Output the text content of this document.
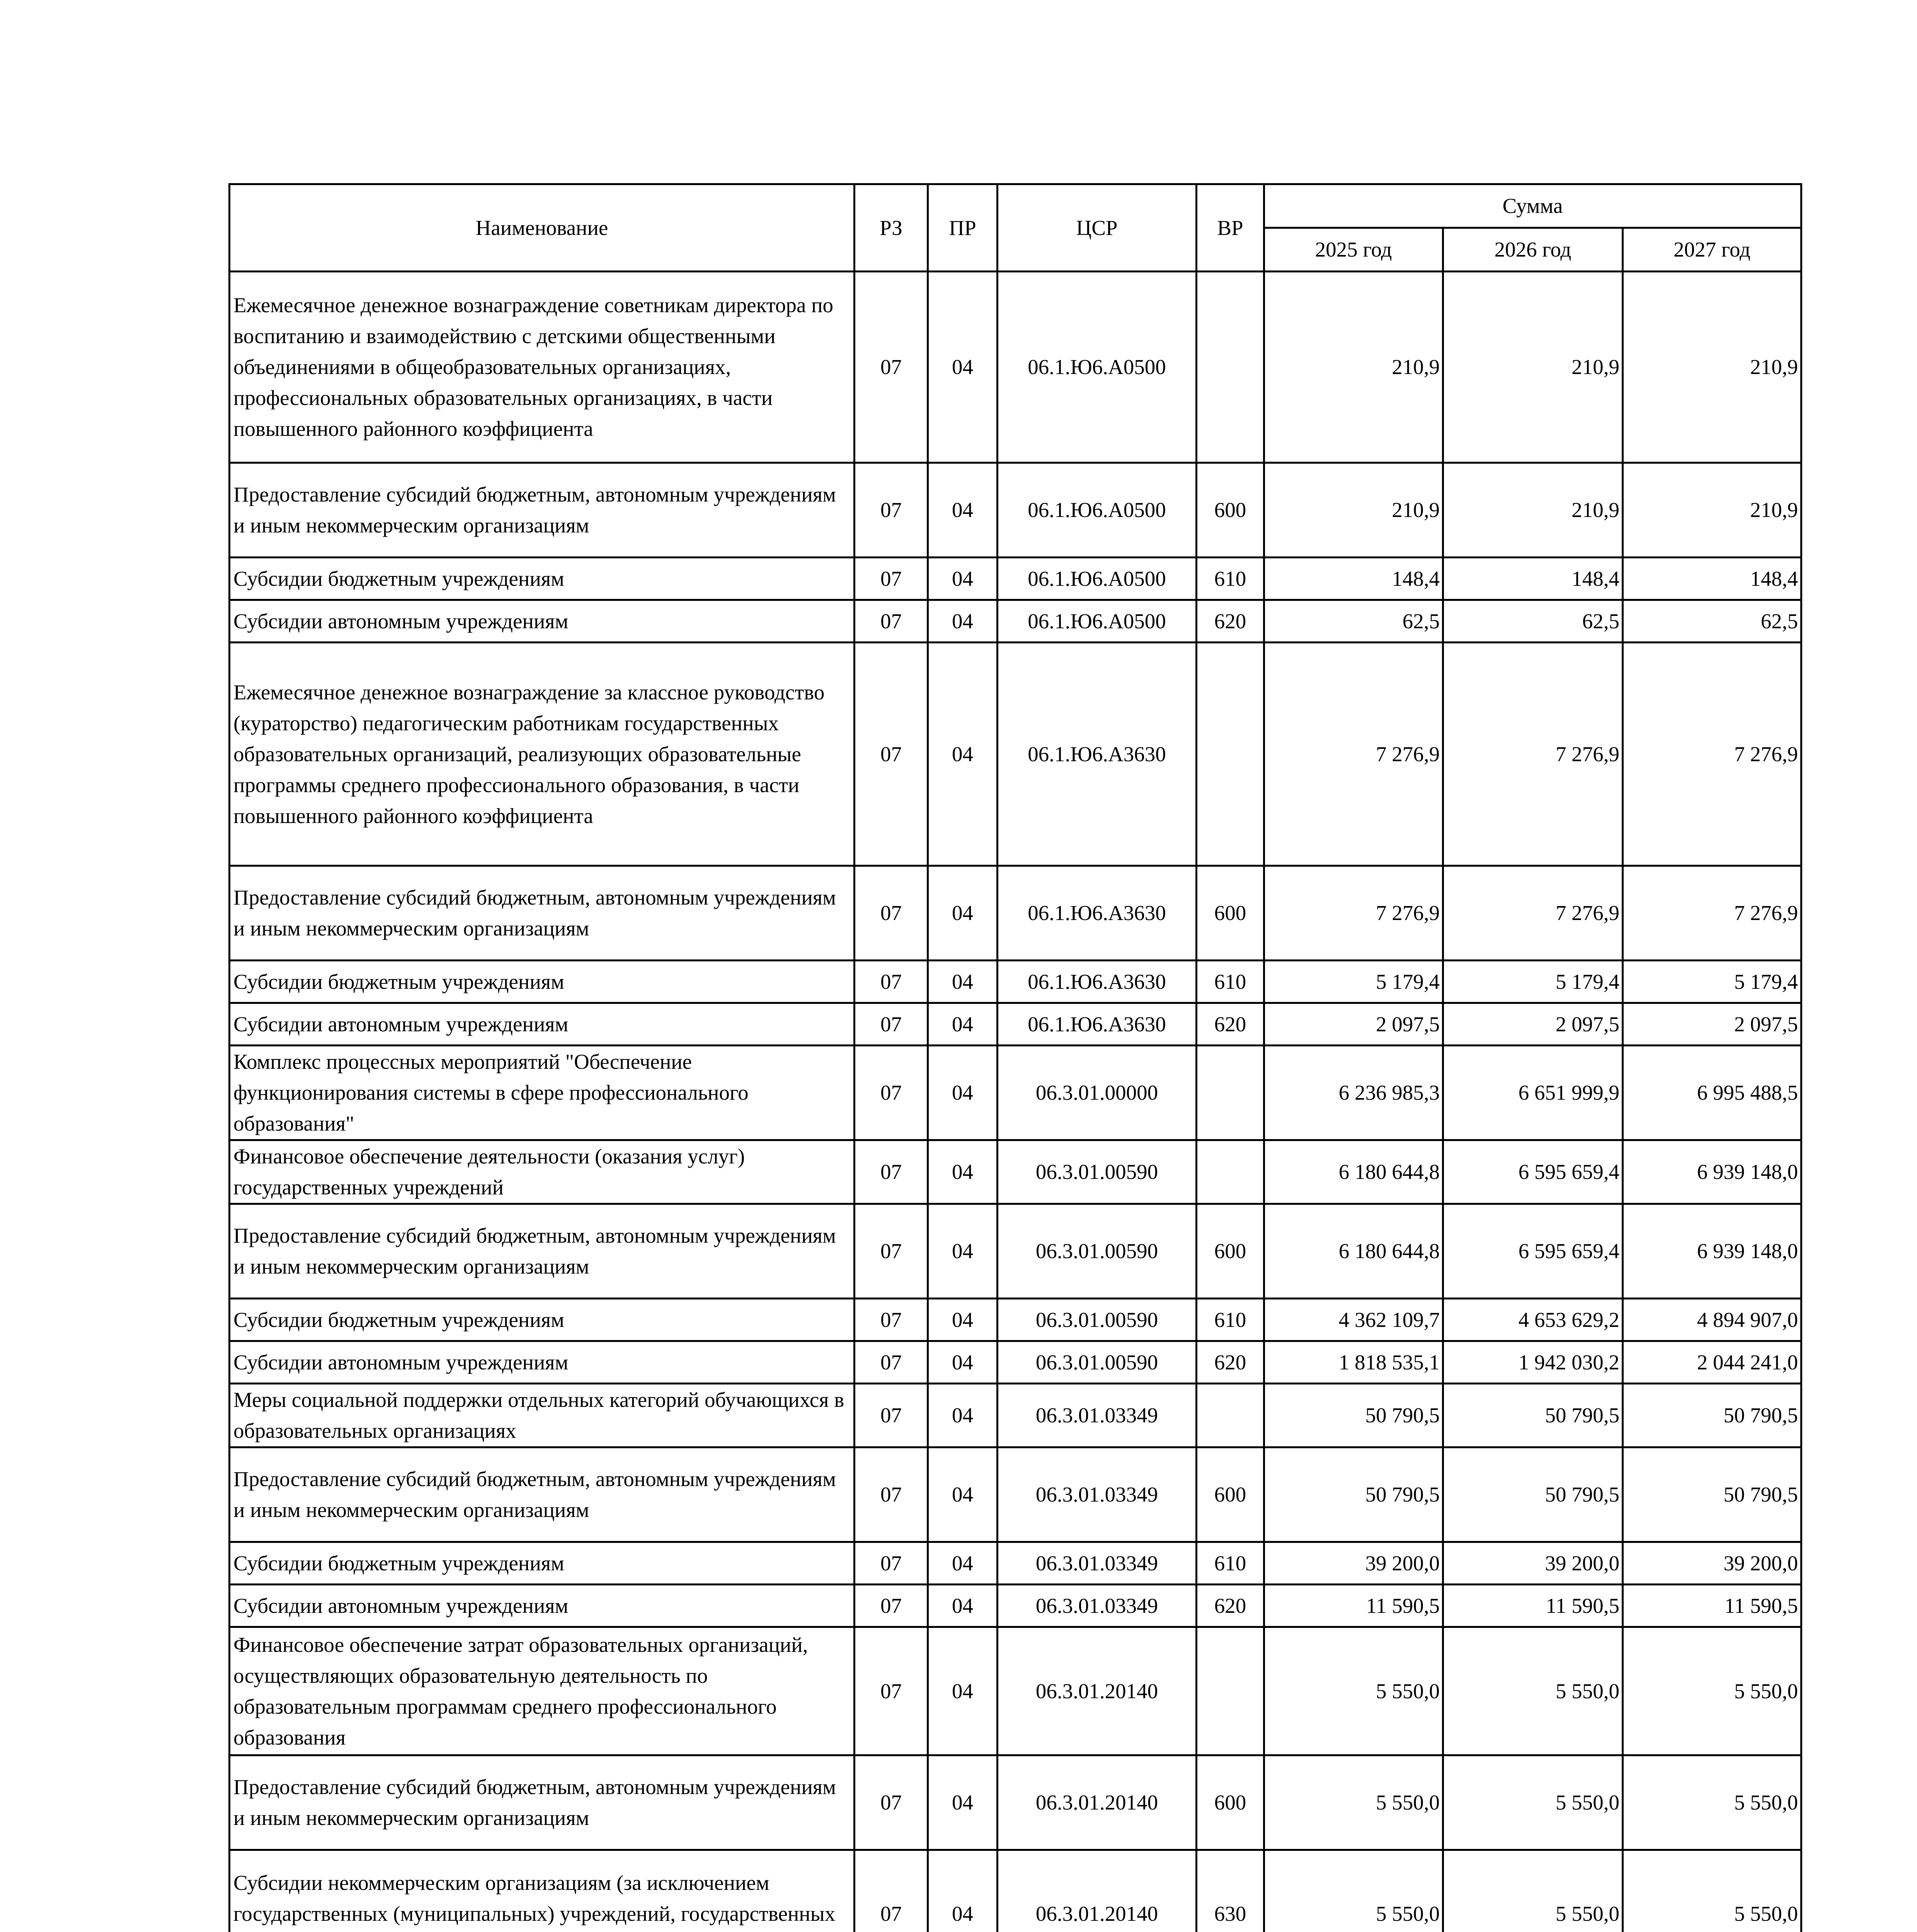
Наименование	РЗ	ПР	ЦСР	ВР	Сумма		
					2025 год	2026 год	2027 год
Ежемесячное денежное вознаграждение советникам директора по воспитанию и взаимодействию с детскими общественными объединениями в общеобразовательных организациях, профессиональных образовательных организациях, в части повышенного районного коэффициента	07	04	06.1.Ю6.А0500		210,9	210,9	210,9
Предоставление субсидий бюджетным, автономным учреждениям и иным некоммерческим организациям	07	04	06.1.Ю6.А0500	600	210,9	210,9	210,9
Субсидии бюджетным учреждениям	07	04	06.1.Ю6.А0500	610	148,4	148,4	148,4
Субсидии автономным учреждениям	07	04	06.1.Ю6.А0500	620	62,5	62,5	62,5
Ежемесячное денежное вознаграждение за классное руководство (кураторство) педагогическим работникам государственных образовательных организаций, реализующих образовательные программы среднего профессионального образования, в части повышенного районного коэффициента	07	04	06.1.Ю6.А3630		7 276,9	7 276,9	7 276,9
Предоставление субсидий бюджетным, автономным учреждениям и иным некоммерческим организациям	07	04	06.1.Ю6.А3630	600	7 276,9	7 276,9	7 276,9
Субсидии бюджетным учреждениям	07	04	06.1.Ю6.А3630	610	5 179,4	5 179,4	5 179,4
Субсидии автономным учреждениям	07	04	06.1.Ю6.А3630	620	2 097,5	2 097,5	2 097,5
Комплекс процессных мероприятий "Обеспечение функционирования системы в сфере профессионального образования"	07	04	06.3.01.00000		6 236 985,3	6 651 999,9	6 995 488,5
Финансовое обеспечение деятельности (оказания услуг) государственных учреждений	07	04	06.3.01.00590		6 180 644,8	6 595 659,4	6 939 148,0
Предоставление субсидий бюджетным, автономным учреждениям и иным некоммерческим организациям	07	04	06.3.01.00590	600	6 180 644,8	6 595 659,4	6 939 148,0
Субсидии бюджетным учреждениям	07	04	06.3.01.00590	610	4 362 109,7	4 653 629,2	4 894 907,0
Субсидии автономным учреждениям	07	04	06.3.01.00590	620	1 818 535,1	1 942 030,2	2 044 241,0
Меры социальной поддержки отдельных категорий обучающихся в образовательных организациях	07	04	06.3.01.03349		50 790,5	50 790,5	50 790,5
Предоставление субсидий бюджетным, автономным учреждениям и иным некоммерческим организациям	07	04	06.3.01.03349	600	50 790,5	50 790,5	50 790,5
Субсидии бюджетным учреждениям	07	04	06.3.01.03349	610	39 200,0	39 200,0	39 200,0
Субсидии автономным учреждениям	07	04	06.3.01.03349	620	11 590,5	11 590,5	11 590,5
Финансовое обеспечение затрат образовательных организаций, осуществляющих образовательную деятельность по образовательным программам среднего профессионального образования	07	04	06.3.01.20140		5 550,0	5 550,0	5 550,0
Предоставление субсидий бюджетным, автономным учреждениям и иным некоммерческим организациям	07	04	06.3.01.20140	600	5 550,0	5 550,0	5 550,0
Субсидии некоммерческим организациям (за исключением государственных (муниципальных) учреждений, государственных	07	04	06.3.01.20140	630	5 550,0	5 550,0	5 550,0
